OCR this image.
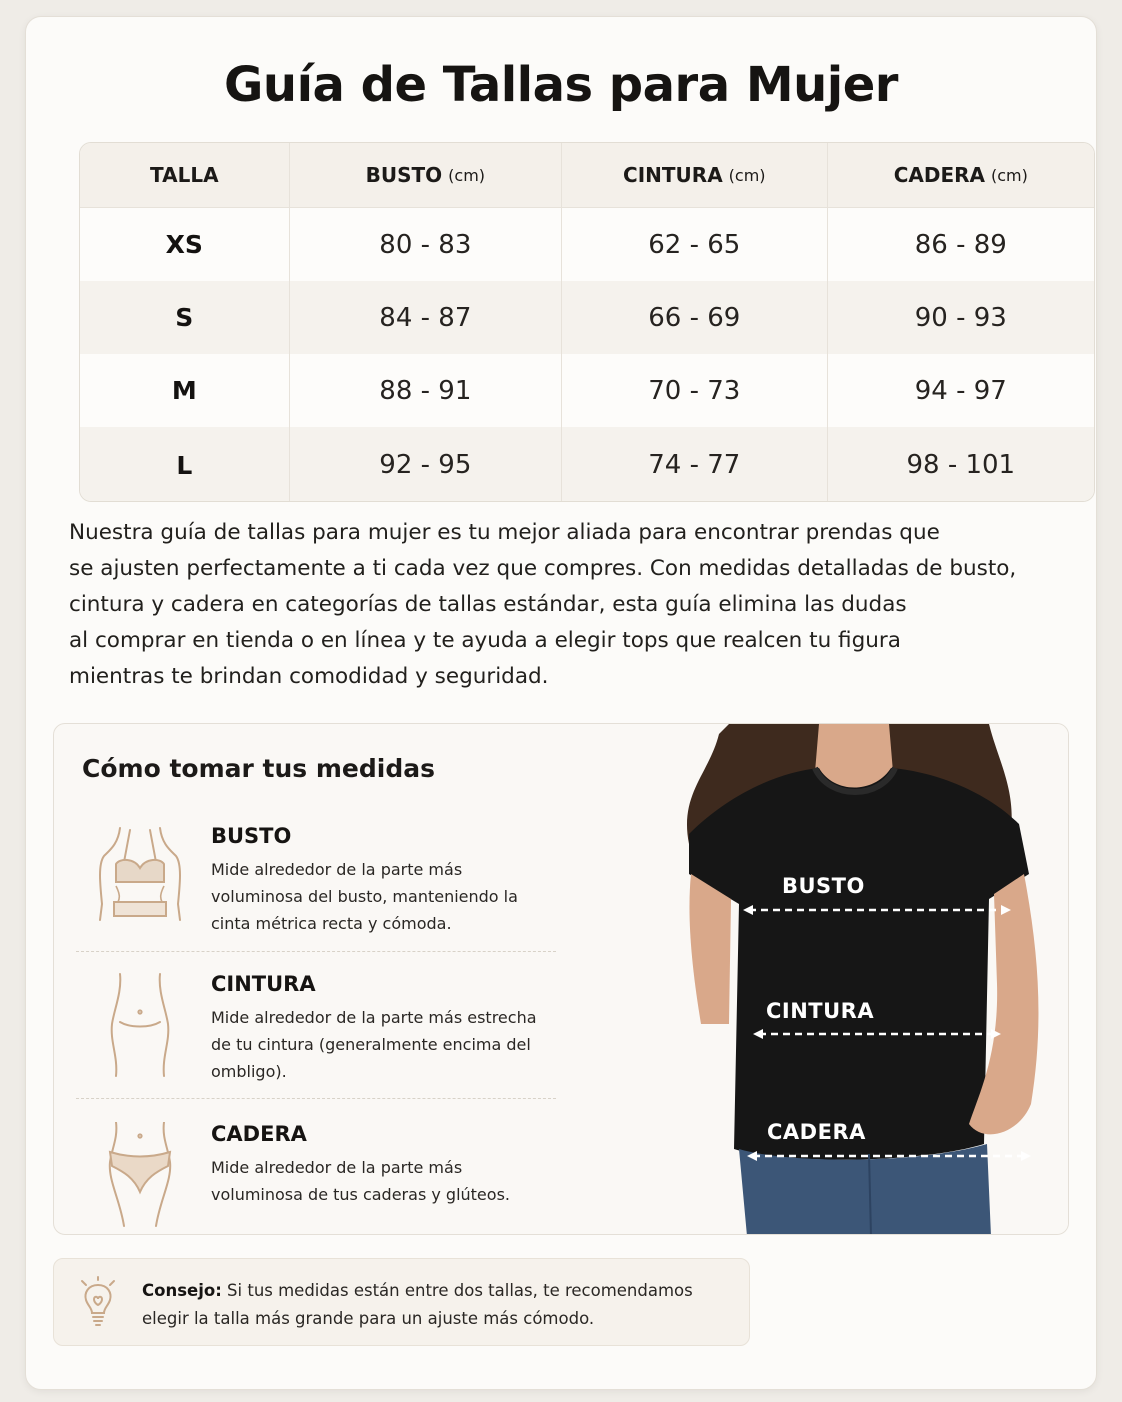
Guía de Tallas para Mujer
TALLA	BUSTO (cm)	CINTURA (cm)	CADERA (cm)
XS	80 - 83	62 - 65	86 - 89
S	84 - 87	66 - 69	90 - 93
M	88 - 91	70 - 73	94 - 97
L	92 - 95	74 - 77	98 - 101
Nuestra guía de tallas para mujer es tu mejor aliada para encontrar prendas que
se ajusten perfectamente a ti cada vez que compres. Con medidas detalladas de busto,
cintura y cadera en categorías de tallas estándar, esta guía elimina las dudas
al comprar en tienda o en línea y te ayuda a elegir tops que realcen tu figura
mientras te brindan comodidad y seguridad.
Cómo tomar tus medidas
BUSTO
Mide alrededor de la parte más voluminosa del busto, manteniendo la cinta métrica recta y cómoda.
CINTURA
Mide alrededor de la parte más estrecha de tu cintura (generalmente encima del ombligo).
CADERA
Mide alrededor de la parte más voluminosa de tus caderas y glúteos.
BUSTO
CINTURA
CADERA
Consejo: Si tus medidas están entre dos tallas, te recomendamos elegir la talla más grande para un ajuste más cómodo.
